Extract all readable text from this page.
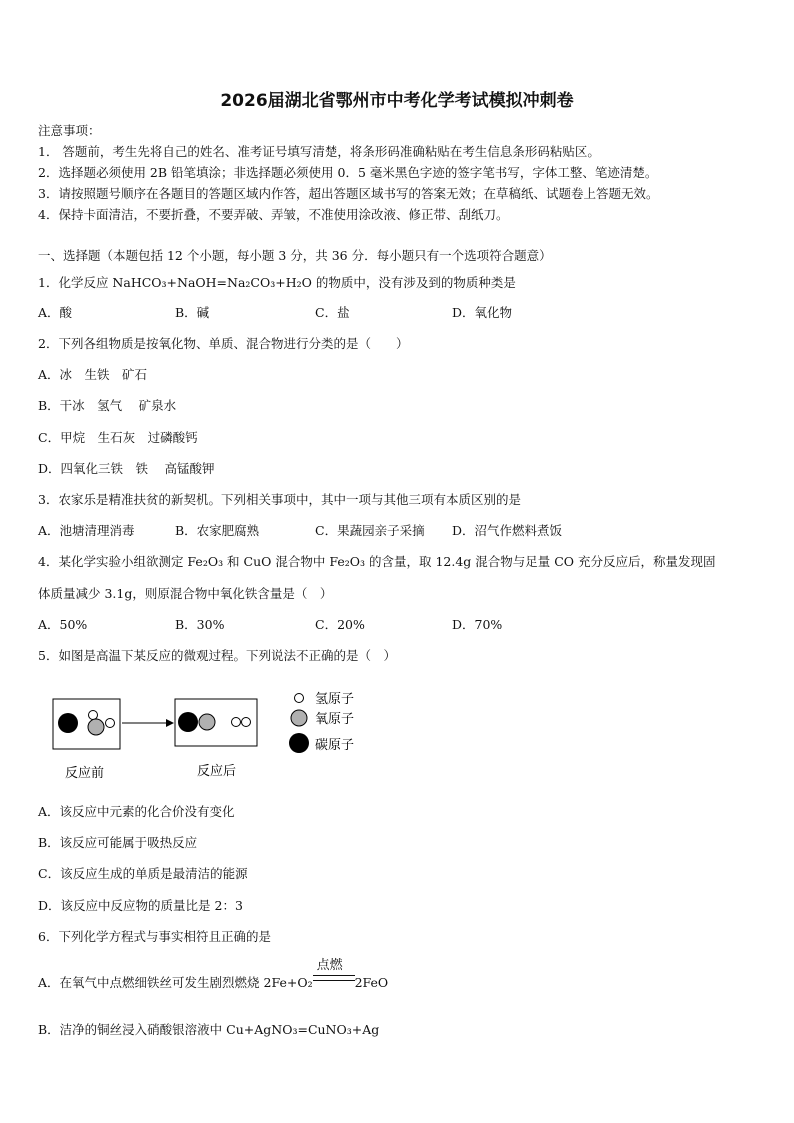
2026届湖北省鄂州市中考化学考试模拟冲刺卷
注意事项：
1． 答题前，考生先将自己的姓名、准考证号填写清楚，将条形码准确粘贴在考生信息条形码粘贴区。
2．选择题必须使用 2B 铅笔填涂；非选择题必须使用 0．5 毫米黑色字迹的签字笔书写，字体工整、笔迹清楚。
3．请按照题号顺序在各题目的答题区域内作答，超出答题区域书写的答案无效；在草稿纸、试题卷上答题无效。
4．保持卡面清洁，不要折叠，不要弄破、弄皱，不准使用涂改液、修正带、刮纸刀。
一、选择题（本题包括 12 个小题，每小题 3 分，共 36 分．每小题只有一个选项符合题意）
1．化学反应 NaHCO₃+NaOH=Na₂CO₃+H₂O 的物质中，没有涉及到的物质种类是
A．酸	B．碱	C．盐	D．氧化物
2．下列各组物质是按氧化物、单质、混合物进行分类的是（　　）
A．冰　生铁　矿石
B．干冰　氢气　 矿泉水
C．甲烷　生石灰　过磷酸钙
D．四氧化三铁　铁　 高锰酸钾
3．农家乐是精准扶贫的新契机。下列相关事项中，其中一项与其他三项有本质区别的是
A．池塘清理消毒	B．农家肥腐熟	C．果蔬园亲子采摘 D．沼气作燃料煮饭
4．某化学实验小组欲测定 Fe₂O₃ 和 CuO 混合物中 Fe₂O₃ 的含量，取 12.4g 混合物与足量 CO 充分反应后，称量发现固
体质量减少 3.1g，则原混合物中氧化铁含量是（　）
A．50%	B．30%	C．20%	D．70%
5．如图是高温下某反应的微观过程。下列说法不正确的是（　）
反应前	反应后
氢原子
氧原子
碳原子
A．该反应中元素的化合价没有变化
B．该反应可能属于吸热反应
C．该反应生成的单质是最清洁的能源
D．该反应中反应物的质量比是 2：3
6．下列化学方程式与事实相符且正确的是
A．在氧气中点燃细铁丝可发生剧烈燃烧 2Fe+O₂
点燃
2FeO
B．洁净的铜丝浸入硝酸银溶液中 Cu+AgNO₃=CuNO₃+Ag
